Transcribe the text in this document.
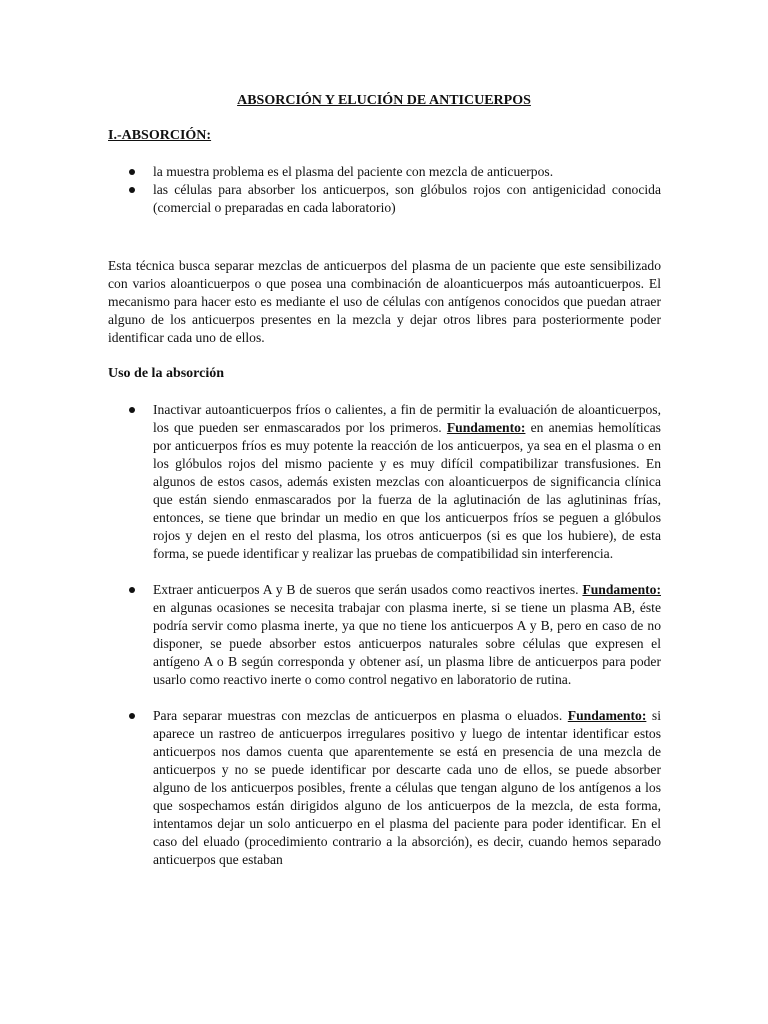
ABSORCIÓN Y ELUCIÓN DE ANTICUERPOS
I.-ABSORCIÓN:
la muestra problema es el plasma del paciente con mezcla de anticuerpos.
las células para absorber los anticuerpos, son glóbulos rojos con antigenicidad conocida (comercial o preparadas en cada laboratorio)

Esta técnica busca separar mezclas de anticuerpos del plasma de un paciente que este sensibilizado con varios aloanticuerpos o que posea una combinación de aloanticuerpos más autoanticuerpos. El mecanismo para hacer esto es mediante el uso de células con antígenos conocidos que puedan atraer alguno de los anticuerpos presentes en la mezcla y dejar otros libres para posteriormente poder identificar cada uno de ellos.

Uso de la absorción
Inactivar autoanticuerpos fríos o calientes, a fin de permitir la evaluación de aloanticuerpos, los que pueden ser enmascarados por los primeros. Fundamento: en anemias hemolíticas por anticuerpos fríos es muy potente la reacción de los anticuerpos, ya sea en el plasma o en los glóbulos rojos del mismo paciente y es muy difícil compatibilizar transfusiones. En algunos de estos casos, además existen mezclas con aloanticuerpos de significancia clínica que están siendo enmascarados por la fuerza de la aglutinación de las aglutininas frías, entonces, se tiene que brindar un medio en que los anticuerpos fríos se peguen a glóbulos rojos y dejen en el resto del plasma, los otros anticuerpos (si es que los hubiere), de esta forma, se puede identificar y realizar las pruebas de compatibilidad sin interferencia.
Extraer anticuerpos A y B de sueros que serán usados como reactivos inertes. Fundamento: en algunas ocasiones se necesita trabajar con plasma inerte, si se tiene un plasma AB, éste podría servir como plasma inerte, ya que no tiene los anticuerpos A y B, pero en caso de no disponer, se puede absorber estos anticuerpos naturales sobre células que expresen el antígeno A o B según corresponda y obtener así, un plasma libre de anticuerpos para poder usarlo como reactivo inerte o como control negativo en laboratorio de rutina.
Para separar muestras con mezclas de anticuerpos en plasma o eluados. Fundamento: si aparece un rastreo de anticuerpos irregulares positivo y luego de intentar identificar estos anticuerpos nos damos cuenta que aparentemente se está en presencia de una mezcla de anticuerpos y no se puede identificar por descarte cada uno de ellos, se puede absorber alguno de los anticuerpos posibles, frente a células que tengan alguno de los antígenos a los que sospechamos están dirigidos alguno de los anticuerpos de la mezcla, de esta forma, intentamos dejar un solo anticuerpo en el plasma del paciente para poder identificar. En el caso del eluado (procedimiento contrario a la absorción), es decir, cuando hemos separado anticuerpos que estaban
